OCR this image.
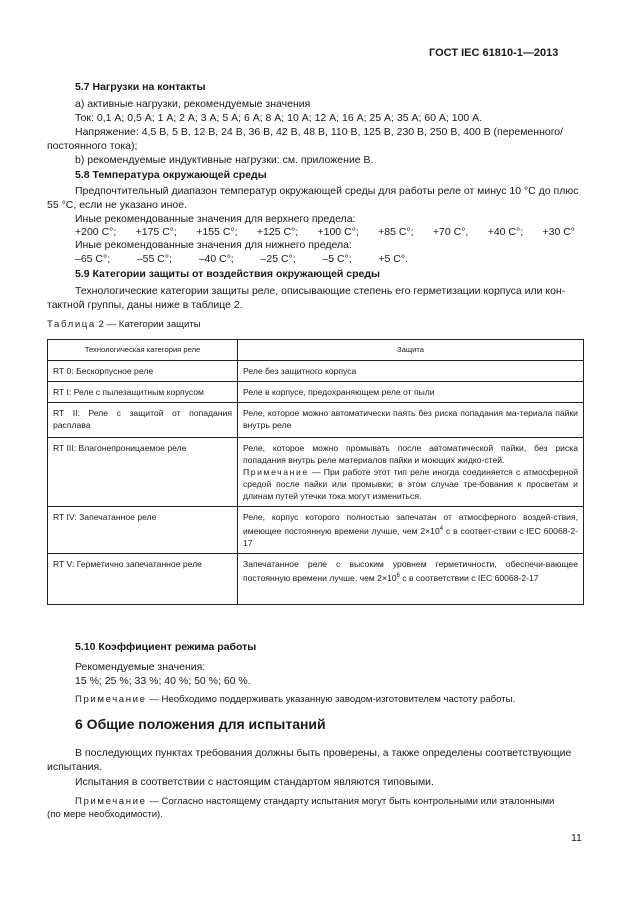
ГОСТ IEC 61810-1—2013
5.7 Нагрузки на контакты
а) активные нагрузки, рекомендуемые значения
Ток: 0,1 А; 0,5 А; 1 А; 2 А; 3 А; 5 А; 6 А; 8 А; 10 А; 12 А; 16 А; 25 А; 35 А; 60 А; 100 А.
Напряжение: 4,5 В, 5 В, 12 В, 24 В, 36 В, 42 В, 48 В, 110 В, 125 В, 230 В, 250 В, 400 В (переменного/
постоянного тока);
b) рекомендуемые индуктивные нагрузки: см. приложение В.
5.8 Температура окружающей среды
Предпочтительный диапазон температур окружающей среды для работы реле от минус 10 °С до плюс
55 °С, если не указано иное.
Иные рекомендованные значения для верхнего предела:
+200 С°; +175 С°; +155 С°; +125 С°; +100 С°; +85 С°; +70 С°, +40 С°; +30 С°
Иные рекомендованные значения для нижнего предела:
–65 С°;	–55 С°;	–40 С°;	–25 С°;	–5 С°;	+5 С°.
5.9 Категории защиты от воздействия окружающей среды
Технологические категории защиты реле, описывающие степень его герметизации корпуса или кон-
тактной группы, даны ниже в таблице 2.
Таблица 2 — Категории защиты
Технологическая категория реле	Защита
RT 0: Бескорпусное реле	Реле без защитного корпуса
RT I: Реле с пылезащитным корпусом	Реле в корпусе, предохраняющем реле от пыли
RT II: Реле с защитой от попадания расплава	Реле, которое можно автоматически паять без риска попадания ма-териала пайки внутрь реле
RT III: Влагонепроницаемое реле	Реле, которое можно промывать после автоматической пайки, без риска попадания внутрь реле материалов пайки и моющих жидко-стей.
Примечание — При работе этот тип реле иногда соединяется с атмосферной средой после пайки или промывки; в этом случае тре-бования к просветам и длинам путей утечки тока могут измениться.

RT IV: Запечатанное реле	Реле, корпус которого полностью запечатан от атмосферного воздей-ствия, имеющее постоянную времени лучше, чем $2\times 10^4$ с в соответ-ствии с IEC 60068-2-17
RT V: Герметично запечатанное реле	Запечатанное реле с высоким уровнем герметичности, обеспечи-вающее постоянную времени лучше, чем $2\times 10^6$ с в соответствии с IEC 60068-2-17
5.10 Коэффициент режима работы
Рекомендуемые значения:
15 %; 25 %; 33 %; 40 %; 50 %; 60 %.
Примечание — Необходимо поддерживать указанную заводом-изготовителем частоту работы.
6 Общие положения для испытаний
В последующих пунктах требования должны быть проверены, а также определены соответствующие
испытания.
Испытания в соответствии с настоящим стандартом являются типовыми.
Примечание — Согласно настоящему стандарту испытания могут быть контрольными или эталонными
(по мере необходимости).
11
